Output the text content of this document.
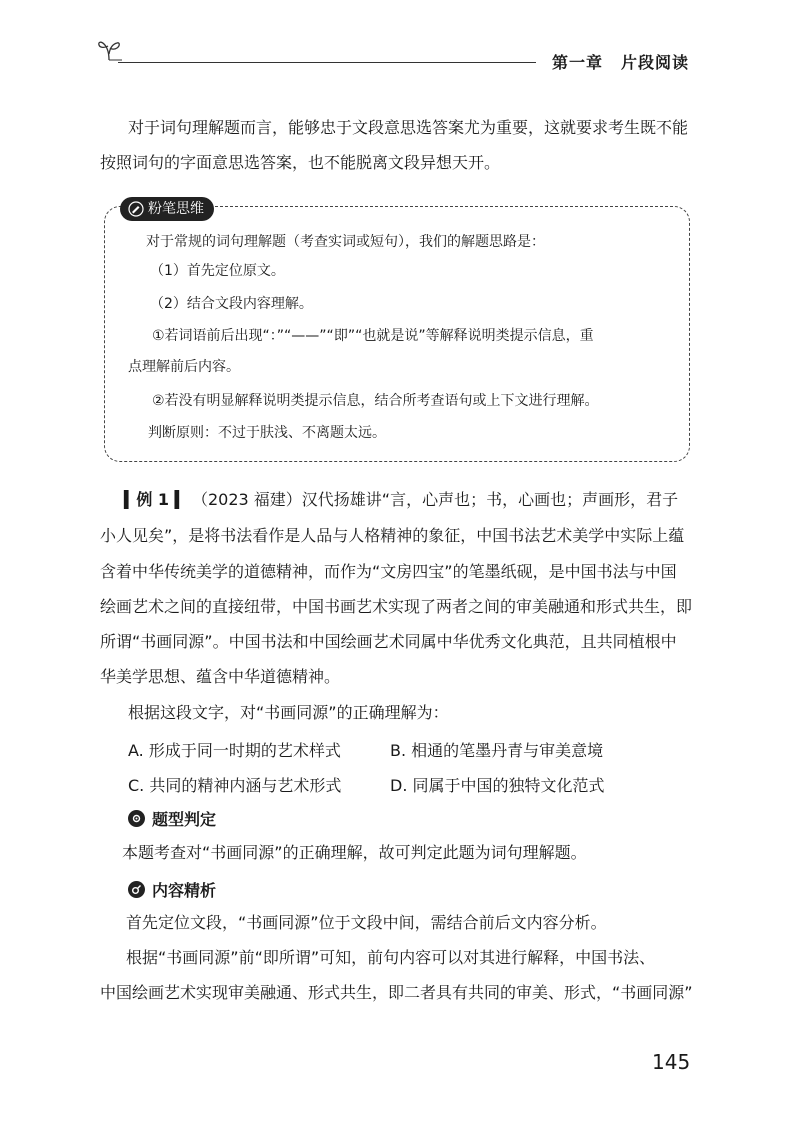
第一章 片段阅读
对于词句理解题而言，能够忠于文段意思选答案尤为重要，这就要求考生既不能
按照词句的字面意思选答案，也不能脱离文段异想天开。
粉笔思维
对于常规的词句理解题（考查实词或短句），我们的解题思路是：
（1）首先定位原文。
（2）结合文段内容理解。
①若词语前后出现“：”“——”“即”“也就是说”等解释说明类提示信息，重
点理解前后内容。
②若没有明显解释说明类提示信息，结合所考查语句或上下文进行理解。
判断原则：不过于肤浅、不离题太远。
▍例 1 ▍ （2023 福建）汉代扬雄讲“言，心声也；书，心画也；声画形，君子
小人见矣”，是将书法看作是人品与人格精神的象征，中国书法艺术美学中实际上蕴
含着中华传统美学的道德精神，而作为“文房四宝”的笔墨纸砚，是中国书法与中国
绘画艺术之间的直接纽带，中国书画艺术实现了两者之间的审美融通和形式共生，即
所谓“书画同源”。中国书法和中国绘画艺术同属中华优秀文化典范，且共同植根中
华美学思想、蕴含中华道德精神。
根据这段文字，对“书画同源”的正确理解为：
A. 形成于同一时期的艺术样式	B. 相通的笔墨丹青与审美意境
C. 共同的精神内涵与艺术形式	D. 同属于中国的独特文化范式
题型判定
本题考查对“书画同源”的正确理解，故可判定此题为词句理解题。
内容精析
首先定位文段，“书画同源”位于文段中间，需结合前后文内容分析。
根据“书画同源”前“即所谓”可知，前句内容可以对其进行解释，中国书法、
中国绘画艺术实现审美融通、形式共生，即二者具有共同的审美、形式，“书画同源”
145
